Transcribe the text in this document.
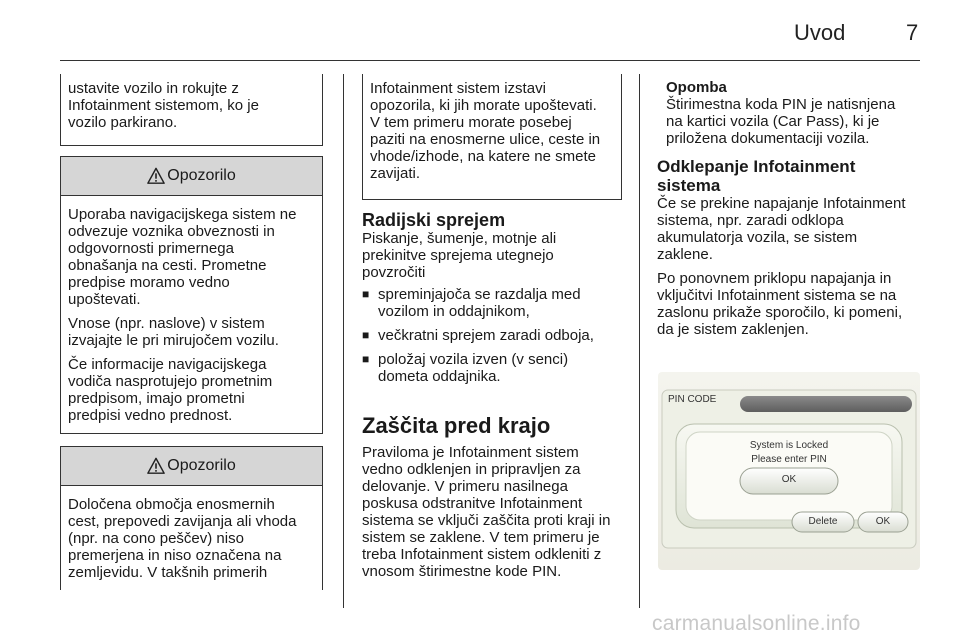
Uvod	7
ustavite vozilo in rokujte z
Infotainment sistemom, ko je
vozilo parkirano.
Opozorilo

Uporaba navigacijskega sistem ne
odvezuje voznika obveznosti in
odgovornosti primernega
obnašanja na cesti. Prometne
predpise moramo vedno
upoštevati.

Vnose (npr. naslove) v sistem
izvajajte le pri mirujočem vozilu.

Če informacije navigacijskega
vodiča nasprotujejo prometnim
predpisom, imajo prometni
predpisi vedno prednost.

Opozorilo
Določena območja enosmernih
cest, prepovedi zavijanja ali vhoda
(npr. na cono peščev) niso
premerjena in niso označena na
zemljevidu. V takšnih primerih
Infotainment sistem izstavi
opozorila, ki jih morate upoštevati.
V tem primeru morate posebej
paziti na enosmerne ulice, ceste in
vhode/izhode, na katere ne smete
zavijati.
Radijski sprejem

Piskanje, šumenje, motnje ali
prekinitve sprejema utegnejo
povzročiti

■ spreminjajoča se razdalja med
vozilom in oddajnikom,
■ večkratni sprejem zaradi odboja,
■ položaj vozila izven (v senci)
dometa oddajnika.
Zaščita pred krajo
Praviloma je Infotainment sistem
vedno odklenjen in pripravljen za
delovanje. V primeru nasilnega
poskusa odstranitve Infotainment
sistema se vključi zaščita proti kraji in
sistem se zaklene. V tem primeru je
treba Infotainment sistem odkleniti z
vnosom štirimestne kode PIN.
Opomba
Štirimestna koda PIN je natisnjena
na kartici vozila (Car Pass), ki je
priložena dokumentaciji vozila.
Odklepanje Infotainment
sistema

Če se prekine napajanje Infotainment
sistema, npr. zaradi odklopa
akumulatorja vozila, se sistem
zaklene.

Po ponovnem priklopu napajanja in
vključitvi Infotainment sistema se na
zaslonu prikaže sporočilo, ki pomeni,
da je sistem zaklenjen.

PIN CODE
System is Locked
Please enter PIN
OK
Delete	OK
carmanualsonline.info
